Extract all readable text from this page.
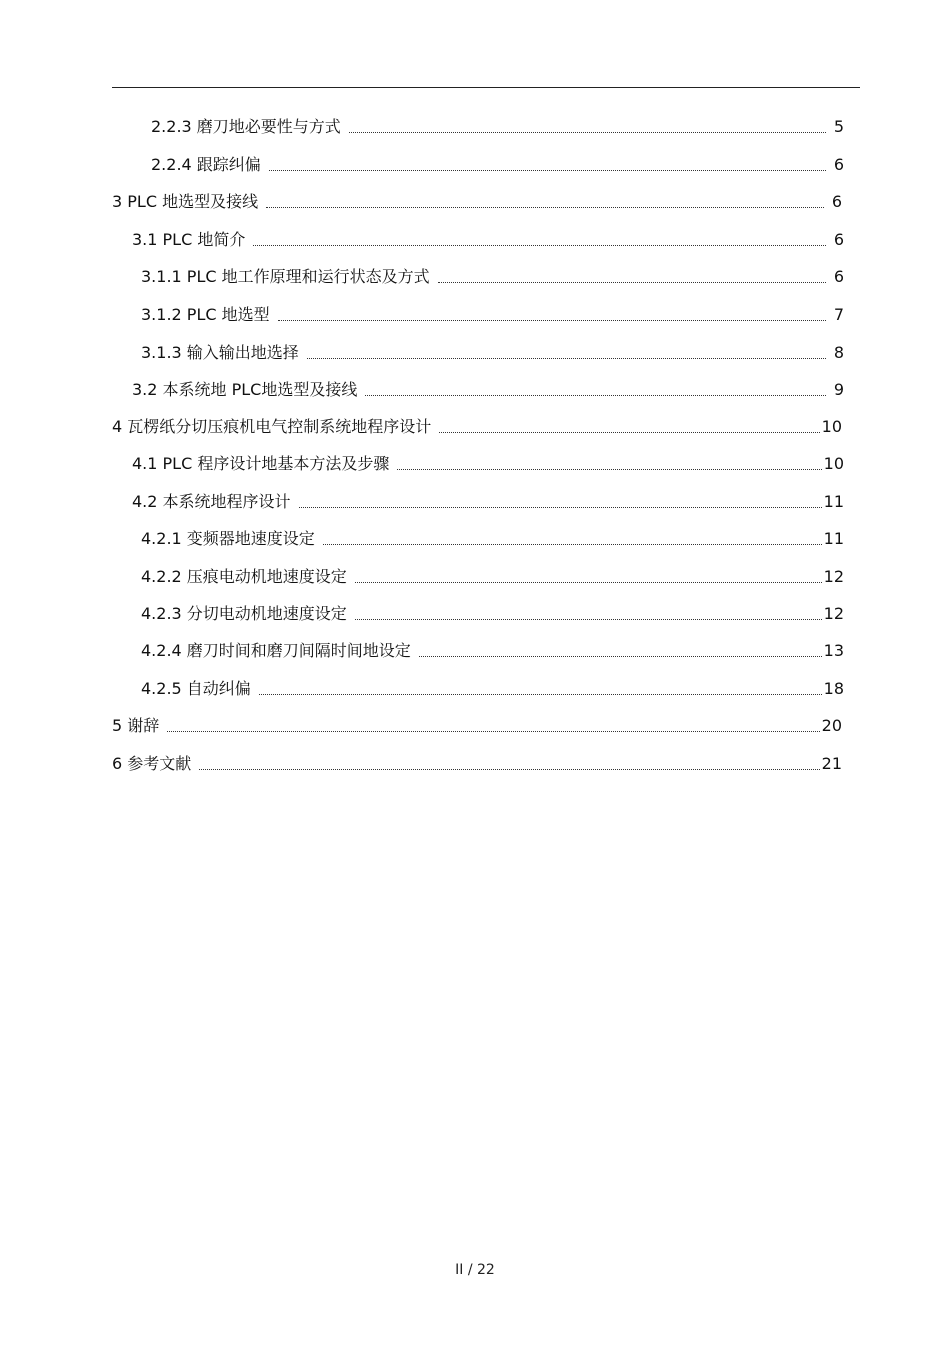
2.2.3 磨刀地必要性与方式	5
2.2.4 跟踪纠偏	6
3 PLC 地选型及接线	6
3.1 PLC 地简介	6
3.1.1 PLC 地工作原理和运行状态及方式	6
3.1.2 PLC 地选型	7
3.1.3 输入输出地选择	8
3.2 本系统地 PLC地选型及接线	9
4 瓦楞纸分切压痕机电气控制系统地程序设计	10
4.1 PLC 程序设计地基本方法及步骤	10
4.2 本系统地程序设计	11
4.2.1 变频器地速度设定	11
4.2.2 压痕电动机地速度设定	12
4.2.3 分切电动机地速度设定	12
4.2.4 磨刀时间和磨刀间隔时间地设定	13
4.2.5 自动纠偏	18
5 谢辞	20
6 参考文献	21
II / 22
